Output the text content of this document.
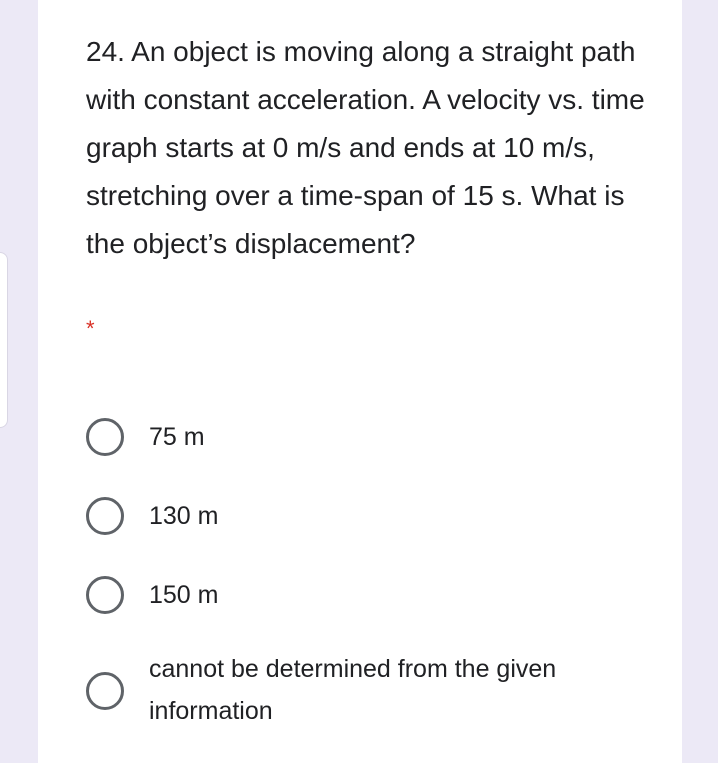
24. An object is moving along a straight path with constant acceleration. A velocity vs. time graph starts at 0 m/s and ends at 10 m/s, stretching over a time-span of 15 s. What is the object’s displacement?
*
75 m
130 m
150 m
cannot be determined from the given information
